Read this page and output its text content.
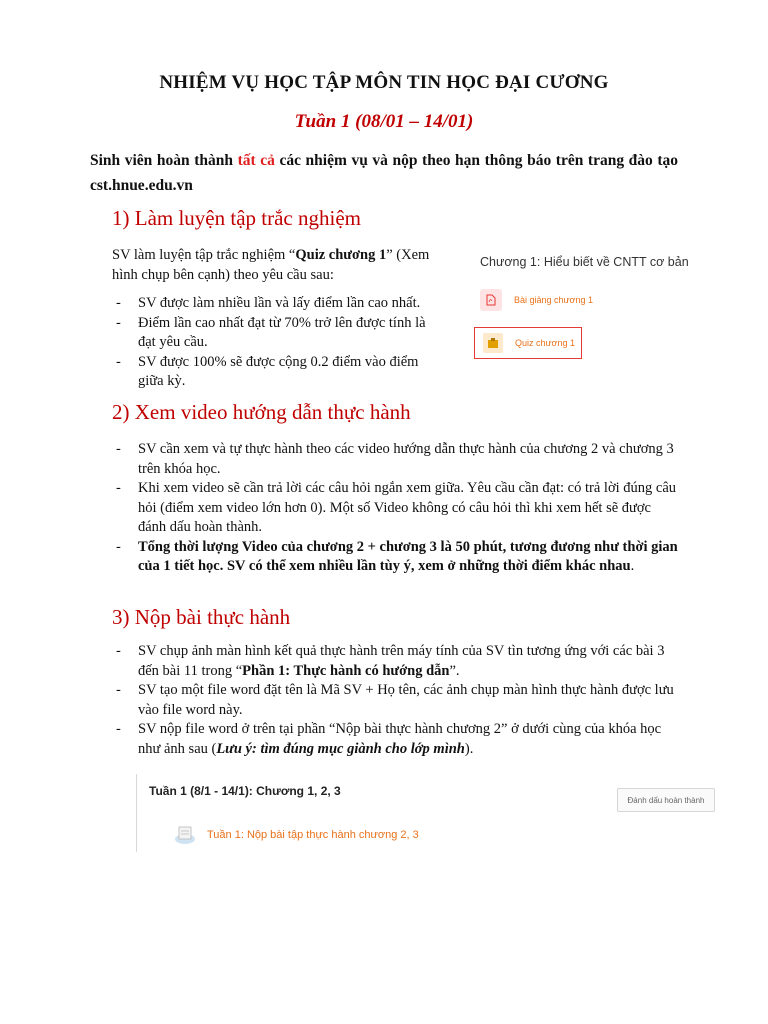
NHIỆM VỤ HỌC TẬP MÔN TIN HỌC ĐẠI CƯƠNG
Tuần 1 (08/01 – 14/01)
Sinh viên hoàn thành tất cả các nhiệm vụ và nộp theo hạn thông báo trên trang đào tạo cst.hnue.edu.vn
1) Làm luyện tập trắc nghiệm
SV làm luyện tập trắc nghiệm “Quiz chương 1” (Xem hình chụp bên cạnh) theo yêu cầu sau:
- SV được làm nhiều lần và lấy điểm lần cao nhất.
- Điểm lần cao nhất đạt từ 70% trở lên được tính là đạt yêu cầu.
- SV được 100% sẽ được cộng 0.2 điểm vào điểm giữa kỳ.
Chương 1: Hiểu biết về CNTT cơ bản
Bài giảng chương 1
Quiz chương 1
2) Xem video hướng dẫn thực hành
- SV cần xem và tự thực hành theo các video hướng dẫn thực hành của chương 2 và chương 3 trên khóa học.
- Khi xem video sẽ cần trả lời các câu hỏi ngắn xem giữa. Yêu cầu cần đạt: có trả lời đúng câu hỏi (điểm xem video lớn hơn 0). Một số Video không có câu hỏi thì khi xem hết sẽ được đánh dấu hoàn thành.
- Tổng thời lượng Video của chương 2 + chương 3 là 50 phút, tương đương như thời gian của 1 tiết học. SV có thể xem nhiều lần tùy ý, xem ở những thời điểm khác nhau.
3) Nộp bài thực hành
- SV chụp ảnh màn hình kết quả thực hành trên máy tính của SV tìn tương ứng với các bài 3 đến bài 11 trong “Phần 1: Thực hành có hướng dẫn”.
- SV tạo một file word đặt tên là Mã SV + Họ tên, các ảnh chụp màn hình thực hành được lưu vào file word này.
- SV nộp file word ở trên tại phần “Nộp bài thực hành chương 2” ở dưới cùng của khóa học như ảnh sau (Lưu ý: tìm đúng mục giành cho lớp mình).
Tuần 1 (8/1 - 14/1): Chương 1, 2, 3
Đánh dấu hoàn thành
Tuần 1: Nộp bài tập thực hành chương 2, 3
